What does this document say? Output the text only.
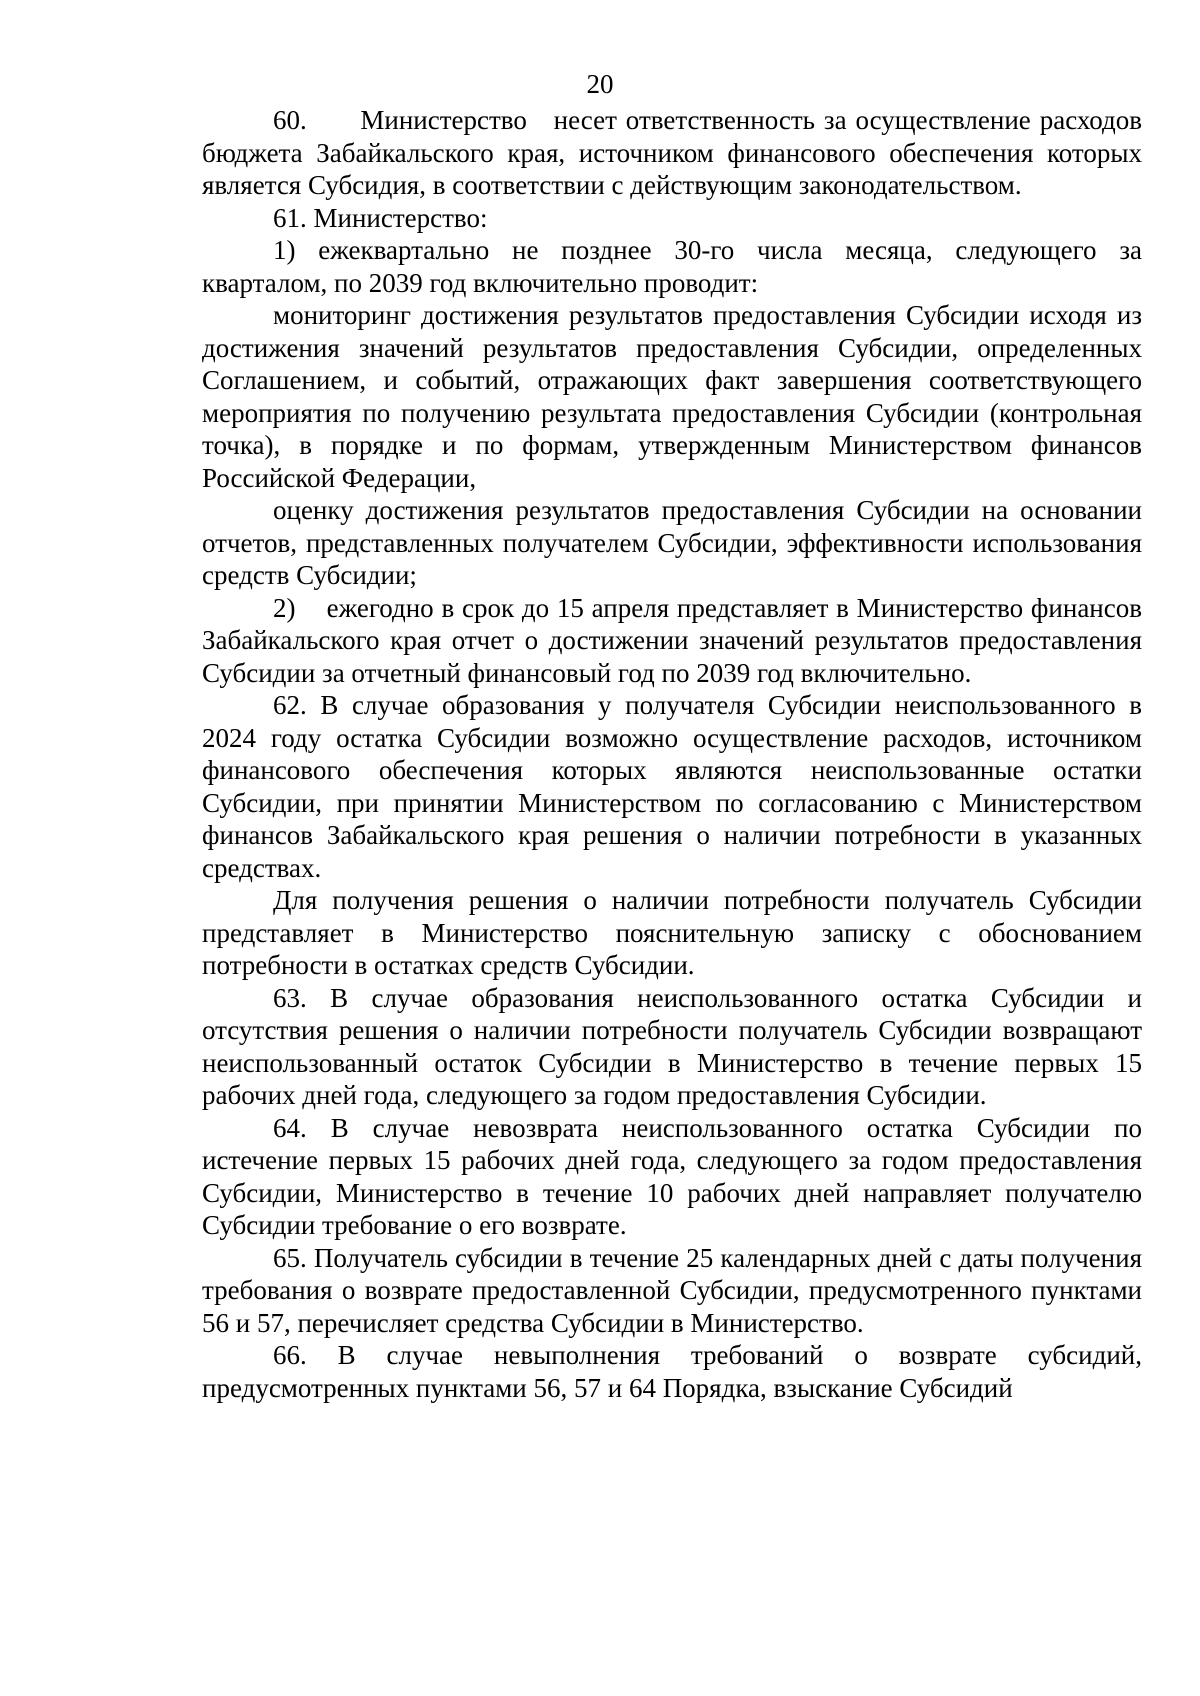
20

60.      Министерство   несет ответственность за осуществление расходов бюджета Забайкальского края, источником финансового обеспечения которых является Субсидия, в соответствии с действующим законодательством.

61. Министерство:

1) ежеквартально не позднее 30-го числа месяца, следующего за кварталом, по 2039 год включительно проводит:

мониторинг достижения результатов предоставления Субсидии исходя из достижения значений результатов предоставления Субсидии, определенных Соглашением, и событий, отражающих факт завершения соответствующего мероприятия по получению результата предоставления Субсидии (контрольная точка), в порядке и по формам, утвержденным Министерством финансов Российской Федерации,

оценку достижения результатов предоставления Субсидии на основании отчетов, представленных получателем Субсидии, эффективности использования средств Субсидии;

2)    ежегодно в срок до 15 апреля представляет в Министерство финансов Забайкальского края отчет о достижении значений результатов предоставления Субсидии за отчетный финансовый год по 2039 год включительно.

62. В случае образования у получателя Субсидии неиспользованного в 2024 году остатка Субсидии возможно осуществление расходов, источником финансового обеспечения которых являются неиспользованные остатки Субсидии, при принятии Министерством по согласованию с Министерством финансов Забайкальского края решения о наличии потребности в указанных средствах.

Для получения решения о наличии потребности получатель Субсидии представляет в Министерство пояснительную записку с обоснованием потребности в остатках средств Субсидии.

63. В случае образования неиспользованного остатка Субсидии и отсутствия решения о наличии потребности получатель Субсидии возвращают неиспользованный остаток Субсидии в Министерство в течение первых 15 рабочих дней года, следующего за годом предоставления Субсидии.

64. В случае невозврата неиспользованного остатка Субсидии по истечение первых 15 рабочих дней года, следующего за годом предоставления Субсидии, Министерство в течение 10 рабочих дней направляет получателю Субсидии требование о его возврате.

65. Получатель субсидии в течение 25 календарных дней с даты получения требования о возврате предоставленной Субсидии, предусмотренного пунктами 56 и 57, перечисляет средства Субсидии в Министерство.

66. В случае невыполнения требований о возврате субсидий, предусмотренных пунктами 56, 57 и 64 Порядка, взыскание Субсидий
